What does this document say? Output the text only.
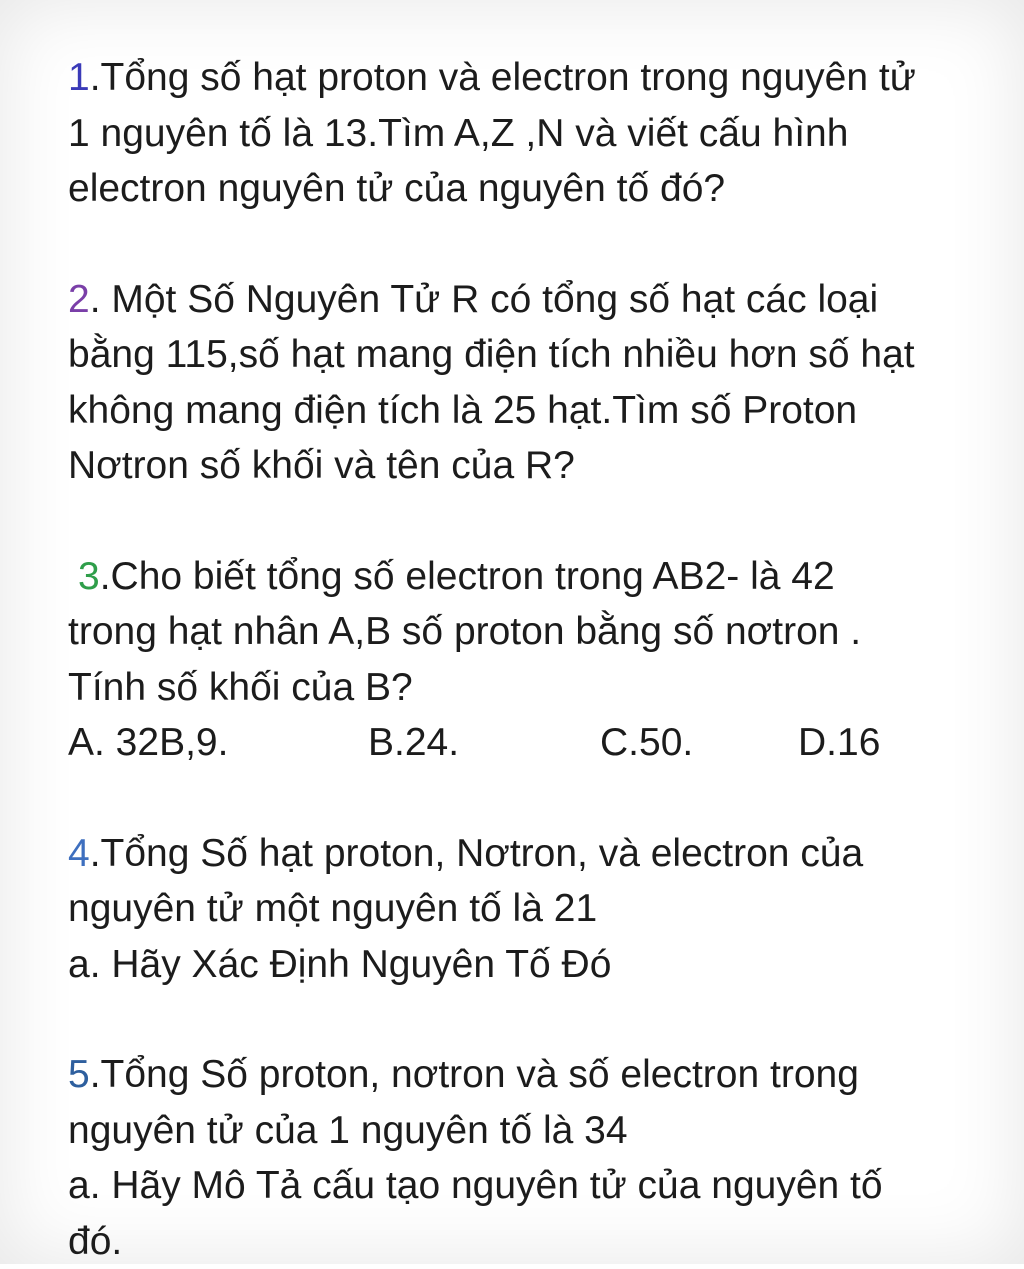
1.Tổng số hạt proton và electron trong nguyên tử
1 nguyên tố là 13.Tìm A,Z ,N và viết cấu hình
electron nguyên tử của nguyên tố đó?
2. Một Số Nguyên Tử R có tổng số hạt các loại
bằng 115,số hạt mang điện tích nhiều hơn số hạt
không mang điện tích là 25 hạt.Tìm số Proton
Nơtron số khối và tên của R?
3.Cho biết tổng số electron trong AB2- là 42
trong hạt nhân A,B số proton bằng số nơtron .
Tính số khối của B?
A. 32B,9.	B.24.	C.50.	D.16
4.Tổng Số hạt proton, Nơtron, và electron của
nguyên tử một nguyên tố là 21
a. Hãy Xác Định Nguyên Tố Đó
5.Tổng Số proton, nơtron và số electron trong
nguyên tử của 1 nguyên tố là 34
a. Hãy Mô Tả cấu tạo nguyên tử của nguyên tố
đó.
